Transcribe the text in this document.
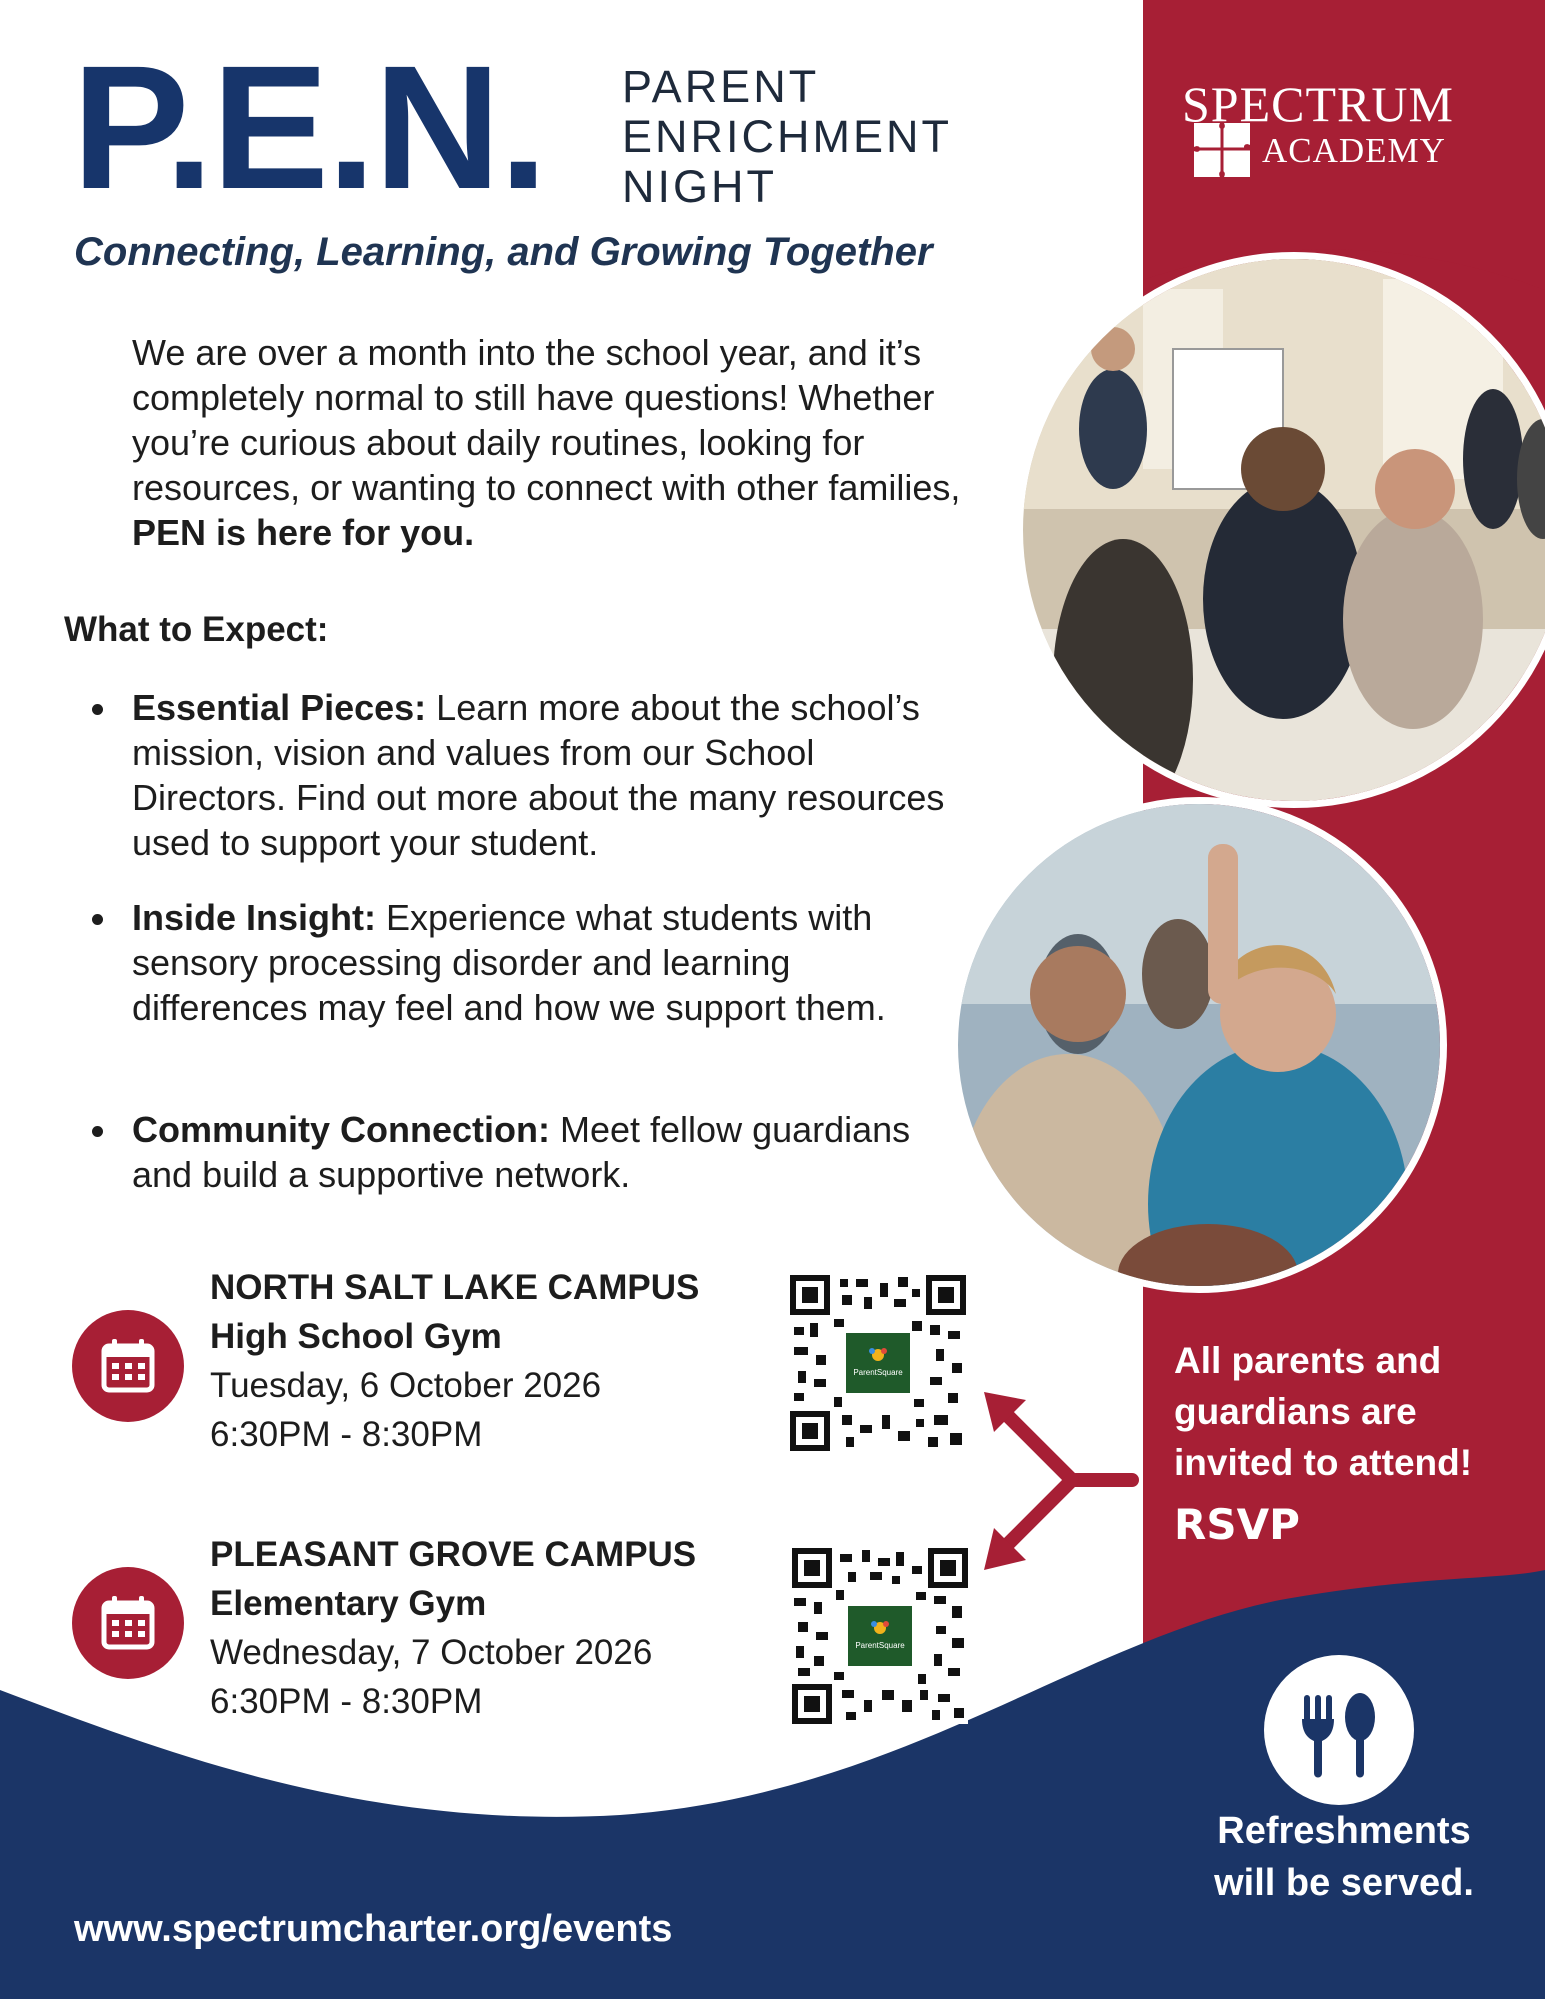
P.E.N. PARENT
ENRICHMENT
NIGHT
Connecting, Learning, and Growing Together
We are over a month into the school year, and it’s completely normal to still have questions! Whether you’re curious about daily routines, looking for resources, or wanting to connect with other families, PEN is here for you.
What to Expect:
Essential Pieces: Learn more about the school’s mission, vision and values from our School Directors. Find out more about the many resources used to support your student.
Inside Insight: Experience what students with sensory processing disorder and learning differences may feel and how we support them.
Community Connection: Meet fellow guardians and build a supportive network.
NORTH SALT LAKE CAMPUS
High School Gym
Tuesday, 6 October 2026
6:30PM - 8:30PM
ParentSquare
PLEASANT GROVE CAMPUS
Elementary Gym
Wednesday, 7 October 2026
6:30PM - 8:30PM
ParentSquare
SPECTRUM
ACADEMY
All parents and guardians are invited to attend!
RSVP
Refreshments will be served.
www.spectrumcharter.org/events
